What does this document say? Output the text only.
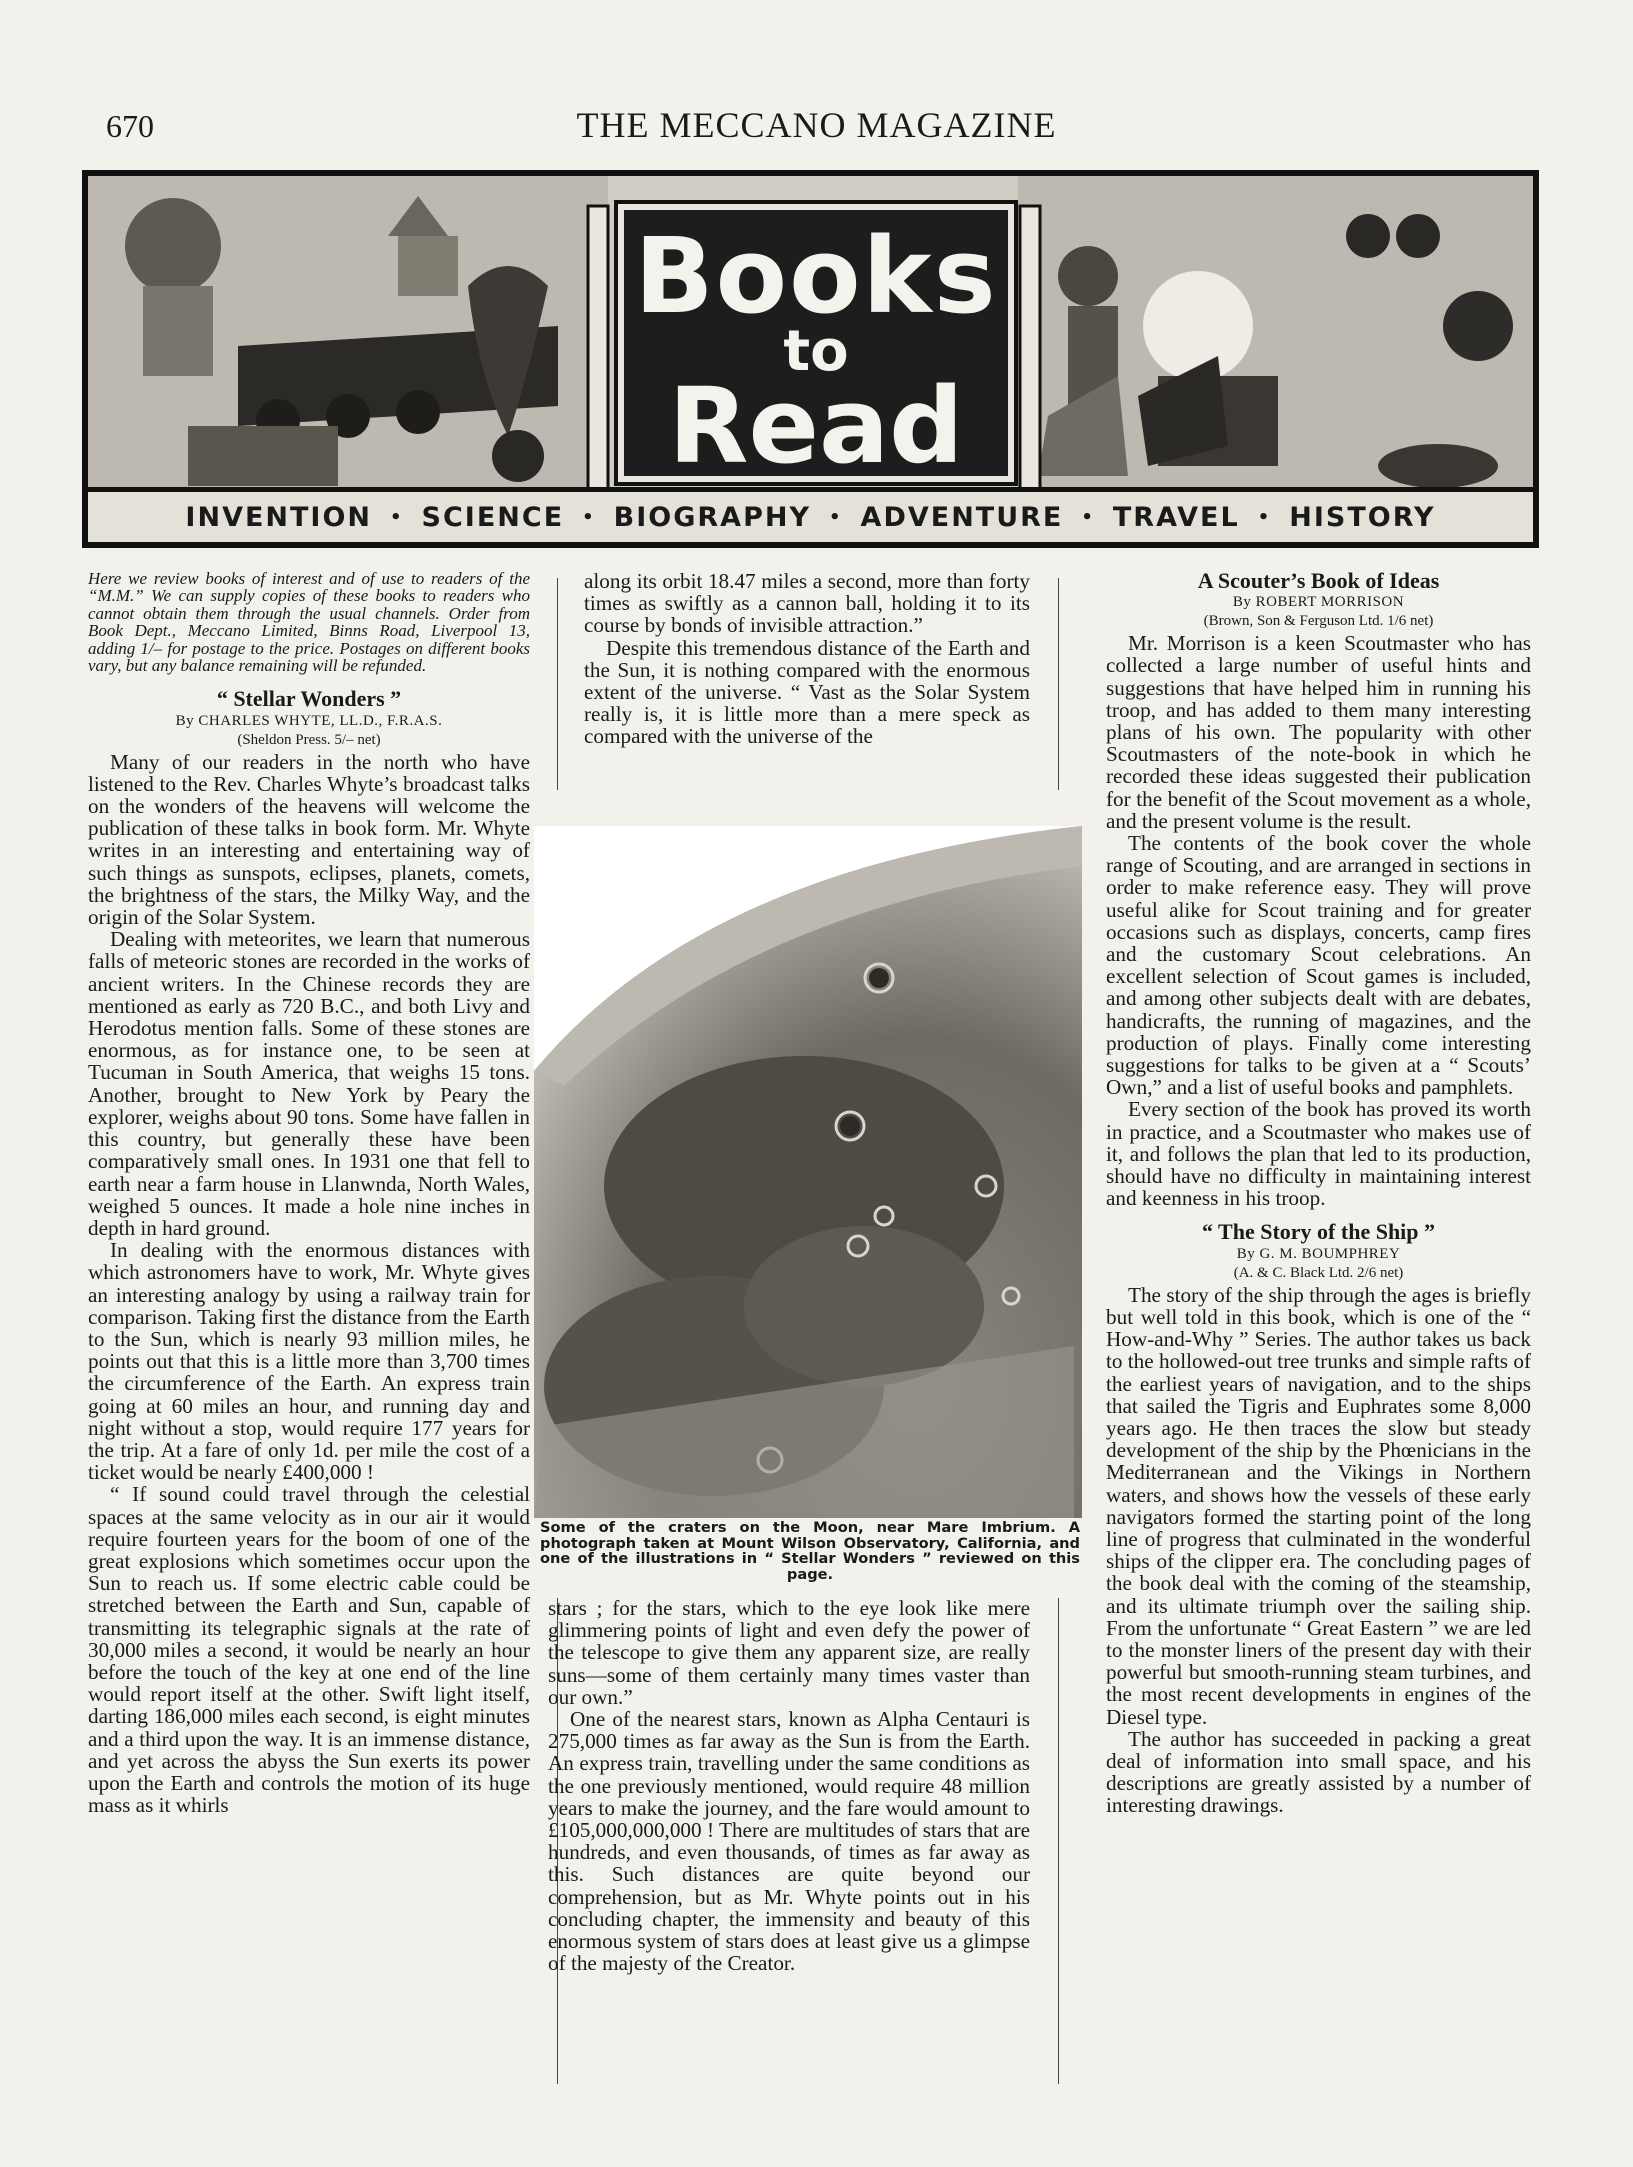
670	THE MECCANO MAGAZINE
Books
to
Read
INVENTION • SCIENCE • BIOGRAPHY • ADVENTURE • TRAVEL • HISTORY

Here we review books of interest and of use to readers of the “M.M.” We can supply copies of these books to readers who cannot obtain them through the usual channels. Order from Book Dept., Meccano Limited, Binns Road, Liverpool 13, adding 1/– for postage to the price. Postages on different books vary, but any balance remaining will be refunded.

“ Stellar Wonders ”

By CHARLES WHYTE, LL.D., F.R.A.S.

(Sheldon Press. 5/– net)

Many of our readers in the north who have listened to the Rev. Charles Whyte’s broadcast talks on the wonders of the heavens will welcome the publication of these talks in book form. Mr. Whyte writes in an interesting and entertaining way of such things as sunspots, eclipses, planets, comets, the brightness of the stars, the Milky Way, and the origin of the Solar System.

Dealing with meteorites, we learn that numerous falls of meteoric stones are recorded in the works of ancient writers. In the Chinese records they are mentioned as early as 720 B.C., and both Livy and Herodotus mention falls. Some of these stones are enormous, as for instance one, to be seen at Tucuman in South America, that weighs 15 tons. Another, brought to New York by Peary the explorer, weighs about 90 tons. Some have fallen in this country, but generally these have been comparatively small ones. In 1931 one that fell to earth near a farm house in Llanwnda, North Wales, weighed 5 ounces. It made a hole nine inches in depth in hard ground.

In dealing with the enormous distances with which astronomers have to work, Mr. Whyte gives an interesting analogy by using a railway train for comparison. Taking first the distance from the Earth to the Sun, which is nearly 93 million miles, he points out that this is a little more than 3,700 times the circumference of the Earth. An express train going at 60 miles an hour, and running day and night without a stop, would require 177 years for the trip. At a fare of only 1d. per mile the cost of a ticket would be nearly £400,000 !

“ If sound could travel through the celestial spaces at the same velocity as in our air it would require fourteen years for the boom of one of the great explosions which sometimes occur upon the Sun to reach us. If some electric cable could be stretched between the Earth and Sun, capable of transmitting its telegraphic signals at the rate of 30,000 miles a second, it would be nearly an hour before the touch of the key at one end of the line would report itself at the other. Swift light itself, darting 186,000 miles each second, is eight minutes and a third upon the way. It is an immense distance, and yet across the abyss the Sun exerts its power upon the Earth and controls the motion of its huge mass as it whirls

along its orbit 18.47 miles a second, more than forty times as swiftly as a cannon ball, holding it to its course by bonds of invisible attraction.”

Despite this tremendous distance of the Earth and the Sun, it is nothing compared with the enormous extent of the universe. “ Vast as the Solar System really is, it is little more than a mere speck as compared with the universe of the

Some of the craters on the Moon, near Mare Imbrium. A photograph taken at Mount Wilson Observatory, California, and one of the illustrations in “ Stellar Wonders ” reviewed on this page.

stars ; for the stars, which to the eye look like mere glimmering points of light and even defy the power of the telescope to give them any apparent size, are really suns—some of them certainly many times vaster than our own.”

One of the nearest stars, known as Alpha Centauri is 275,000 times as far away as the Sun is from the Earth. An express train, travelling under the same conditions as the one previously mentioned, would require 48 million years to make the journey, and the fare would amount to £105,000,000,000 ! There are multitudes of stars that are hundreds, and even thousands, of times as far away as this. Such distances are quite beyond our comprehension, but as Mr. Whyte points out in his concluding chapter, the immensity and beauty of this enormous system of stars does at least give us a glimpse of the majesty of the Creator.

A Scouter’s Book of Ideas

By ROBERT MORRISON

(Brown, Son & Ferguson Ltd. 1/6 net)

Mr. Morrison is a keen Scoutmaster who has collected a large number of useful hints and suggestions that have helped him in running his troop, and has added to them many interesting plans of his own. The popularity with other Scoutmasters of the note-book in which he recorded these ideas suggested their publication for the benefit of the Scout movement as a whole, and the present volume is the result.

The contents of the book cover the whole range of Scouting, and are arranged in sections in order to make reference easy. They will prove useful alike for Scout training and for greater occasions such as displays, concerts, camp fires and the customary Scout celebrations. An excellent selection of Scout games is included, and among other subjects dealt with are debates, handicrafts, the running of magazines, and the production of plays. Finally come interesting suggestions for talks to be given at a “ Scouts’ Own,” and a list of useful books and pamphlets.

Every section of the book has proved its worth in practice, and a Scoutmaster who makes use of it, and follows the plan that led to its production, should have no difficulty in maintaining interest and keenness in his troop.

“ The Story of the Ship ”

By G. M. BOUMPHREY

(A. & C. Black Ltd. 2/6 net)

The story of the ship through the ages is briefly but well told in this book, which is one of the “ How-and-Why ” Series. The author takes us back to the hollowed-out tree trunks and simple rafts of the earliest years of navigation, and to the ships that sailed the Tigris and Euphrates some 8,000 years ago. He then traces the slow but steady development of the ship by the Phœnicians in the Mediterranean and the Vikings in Northern waters, and shows how the vessels of these early navigators formed the starting point of the long line of progress that culminated in the wonderful ships of the clipper era. The concluding pages of the book deal with the coming of the steamship, and its ultimate triumph over the sailing ship. From the unfortunate “ Great Eastern ” we are led to the monster liners of the present day with their powerful but smooth-running steam turbines, and the most recent developments in engines of the Diesel type.

The author has succeeded in packing a great deal of information into small space, and his descriptions are greatly assisted by a number of interesting drawings.
